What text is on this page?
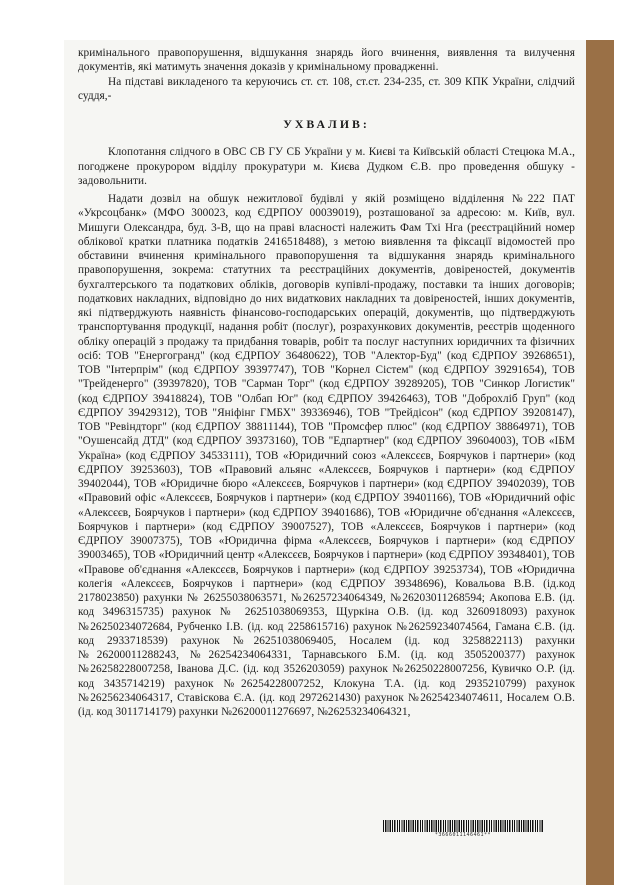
кримінального правопорушення, відшукання знарядь його вчинення, виявлення та вилучення документів, які матимуть значення доказів у кримінальному провадженні.

На підставі викладеного та керуючись ст. ст. 108, ст.ст. 234-235, ст. 309 КПК України, слідчий суддя,-

УХВАЛИВ:

Клопотання слідчого в ОВС СВ ГУ СБ України у м. Києві та Київській області Стецюка М.А., погоджене прокурором відділу прокуратури м. Києва Дудком Є.В. про проведення обшуку - задовольнити.

Надати дозвіл на обшук нежитлової будівлі у якій розміщено відділення №222 ПАТ «Укрсоцбанк» (МФО 300023, код ЄДРПОУ 00039019), розташованої за адресою: м. Київ, вул. Мишуги Олександра, буд. 3-В, що на праві власності належить Фам Тхі Нга (реєстраційний номер облікової кратки платника податків 2416518488), з метою виявлення та фіксації відомостей про обставини вчинення кримінального правопорушення та відшукання знарядь кримінального правопорушення, зокрема: статутних та реєстраційних документів, довіреностей, документів бухгалтерського та податкових обліків, договорів купівлі-продажу, поставки та інших договорів; податкових накладних, відповідно до них видаткових накладних та довіреностей, інших документів, які підтверджують наявність фінансово-господарських операцій, документів, що підтверджують транспортування продукції, надання робіт (послуг), розрахункових документів, реєстрів щоденного обліку операцій з продажу та придбання товарів, робіт та послуг наступних юридичних та фізичних осіб: ТОВ "Енергогранд" (код ЄДРПОУ 36480622), ТОВ "Алектор-Буд" (код ЄДРПОУ 39268651), ТОВ "Інтерпрім" (код ЄДРПОУ 39397747), ТОВ "Корнел Сістем" (код ЄДРПОУ 39291654), ТОВ "Трейденерго" (39397820), ТОВ "Сарман Торг" (код ЄДРПОУ 39289205), ТОВ "Синкор Логистик" (код ЄДРПОУ 39418824), ТОВ "Олбап Юг" (код ЄДРПОУ 39426463), ТОВ "Доброхліб Груп" (код ЄДРПОУ 39429312), ТОВ "Яніфінг ГМБХ" 39336946), ТОВ "Трейдісон" (код ЄДРПОУ 39208147), ТОВ "Ревіндторг" (код ЄДРПОУ 38811144), ТОВ "Промсфер плюс" (код ЄДРПОУ 38864971), ТОВ "Оушенсайд ДТД" (код ЄДРПОУ 39373160), ТОВ "Едпартнер" (код ЄДРПОУ 39604003), ТОВ «ІБМ Україна» (код ЄДРПОУ 34533111), ТОВ «Юридичний союз «Алексєєв, Боярчуков і партнери» (код ЄДРПОУ 39253603), ТОВ «Правовий альянс «Алексєєв, Боярчуков і партнери» (код ЄДРПОУ 39402044), ТОВ «Юридичне бюро «Алексєєв, Боярчуков і партнери» (код ЄДРПОУ 39402039), ТОВ «Правовий офіс «Алексєєв, Боярчуков і партнери» (код ЄДРПОУ 39401166), ТОВ «Юридичний офіс «Алексєєв, Боярчуков і партнери» (код ЄДРПОУ 39401686), ТОВ «Юридичне об'єднання «Алексєєв, Боярчуков і партнери» (код ЄДРПОУ 39007527), ТОВ «Алексєєв, Боярчуков і партнери» (код ЄДРПОУ 39007375), ТОВ «Юридична фірма «Алексєєв, Боярчуков і партнери» (код ЄДРПОУ 39003465), ТОВ «Юридичний центр «Алексєєв, Боярчуков і партнери» (код ЄДРПОУ 39348401), ТОВ «Правове об'єднання «Алексєєв, Боярчуков і партнери» (код ЄДРПОУ 39253734), ТОВ «Юридична колегія «Алексєєв, Боярчуков і партнери» (код ЄДРПОУ 39348696), Ковальова В.В. (ід.код 2178023850) рахунки № 26255038063571, №26257234064349, №26203011268594; Акопова Е.В. (ід. код 3496315735) рахунок № 26251038069353, Щуркіна О.В. (ід. код 3260918093) рахунок №26250234072684, Рубченко І.В. (ід. код 2258615716) рахунок №26259234074564, Гамана Є.В. (ід. код 2933718539) рахунок №26251038069405, Носалем (ід. код 3258822113) рахунки №26200011288243, №26254234064331, Тарнавського Б.М. (ід. код 3505200377) рахунок №26258228007258, Іванова Д.С. (ід. код 3526203059) рахунок №26250228007256, Кувичко О.Р. (ід. код 3435714219) рахунок №26254228007252, Клокуна Т.А. (ід. код 2935210799) рахунок №26256234064317, Ставіскова Є.А. (ід. код 2972621430) рахунок №26254234074611, Носалем О.В. (ід. код 3011714179) рахунки №26200011276697, №26253234064321,

*3666011146461**
